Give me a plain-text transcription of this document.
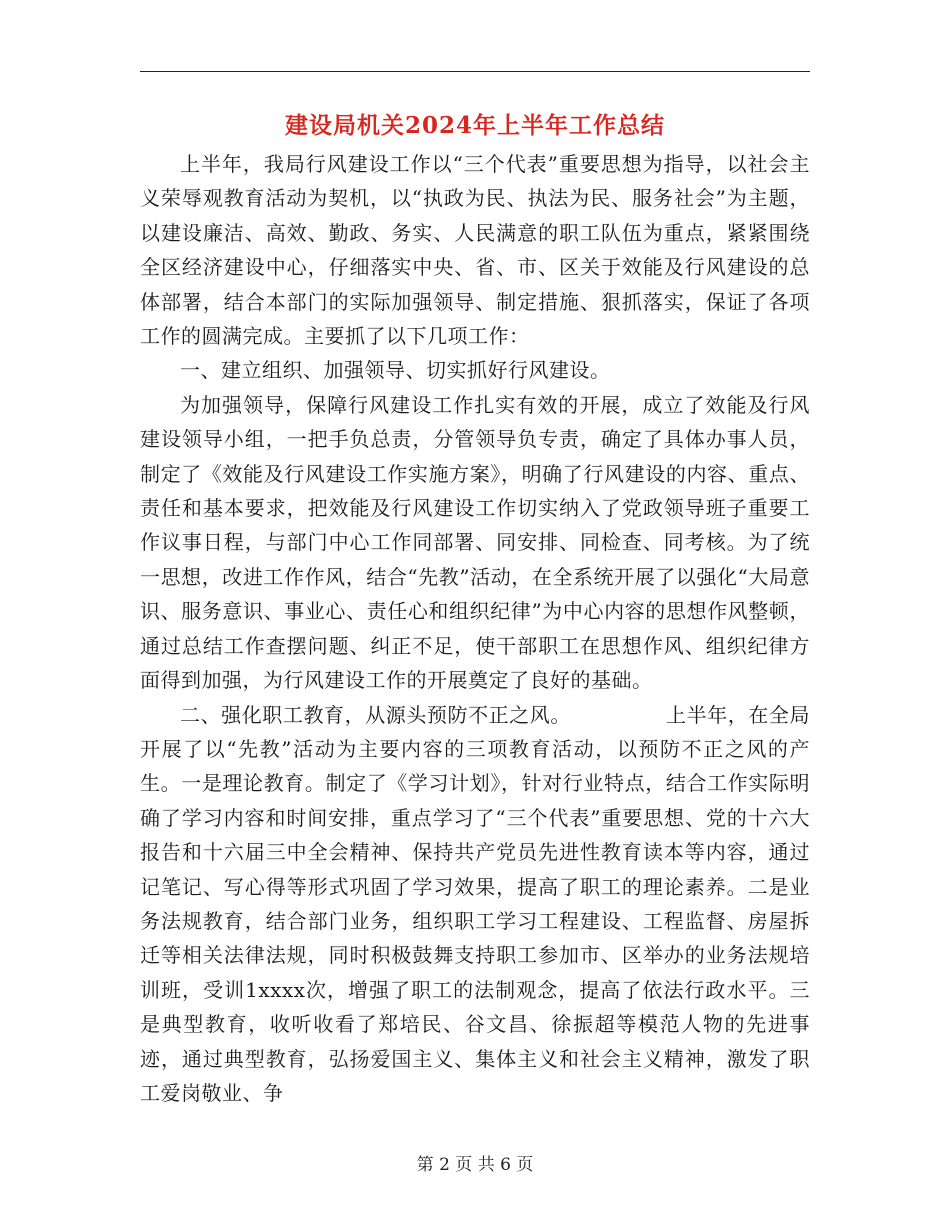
建设局机关2024年上半年工作总结

上半年，我局行风建设工作以“三个代表”重要思想为指导，以社会主义荣辱观教育活动为契机，以“执政为民、执法为民、服务社会”为主题，以建设廉洁、高效、勤政、务实、人民满意的职工队伍为重点，紧紧围绕全区经济建设中心，仔细落实中央、省、市、区关于效能及行风建设的总体部署，结合本部门的实际加强领导、制定措施、狠抓落实，保证了各项工作的圆满完成。主要抓了以下几项工作：

一、建立组织、加强领导、切实抓好行风建设。

为加强领导，保障行风建设工作扎实有效的开展，成立了效能及行风建设领导小组，一把手负总责，分管领导负专责，确定了具体办事人员，制定了《效能及行风建设工作实施方案》，明确了行风建设的内容、重点、责任和基本要求，把效能及行风建设工作切实纳入了党政领导班子重要工作议事日程，与部门中心工作同部署、同安排、同检查、同考核。为了统一思想，改进工作作风，结合“先教”活动，在全系统开展了以强化“大局意识、服务意识、事业心、责任心和组织纪律”为中心内容的思想作风整顿，通过总结工作查摆问题、纠正不足，使干部职工在思想作风、组织纪律方面得到加强，为行风建设工作的开展奠定了良好的基础。

二、强化职工教育，从源头预防不正之风。	上半年，在全局开展了以“先教”活动为主要内容的三项教育活动，以预防不正之风的产生。一是理论教育。制定了《学习计划》，针对行业特点，结合工作实际明确了学习内容和时间安排，重点学习了“三个代表”重要思想、党的十六大报告和十六届三中全会精神、保持共产党员先进性教育读本等内容，通过记笔记、写心得等形式巩固了学习效果，提高了职工的理论素养。二是业务法规教育，结合部门业务，组织职工学习工程建设、工程监督、房屋拆迁等相关法律法规，同时积极鼓舞支持职工参加市、区举办的业务法规培训班，受训1xxxx次，增强了职工的法制观念，提高了依法行政水平。三是典型教育，收听收看了郑培民、谷文昌、徐振超等模范人物的先进事迹，通过典型教育，弘扬爱国主义、集体主义和社会主义精神，激发了职工爱岗敬业、争

第 2 页 共 6 页
